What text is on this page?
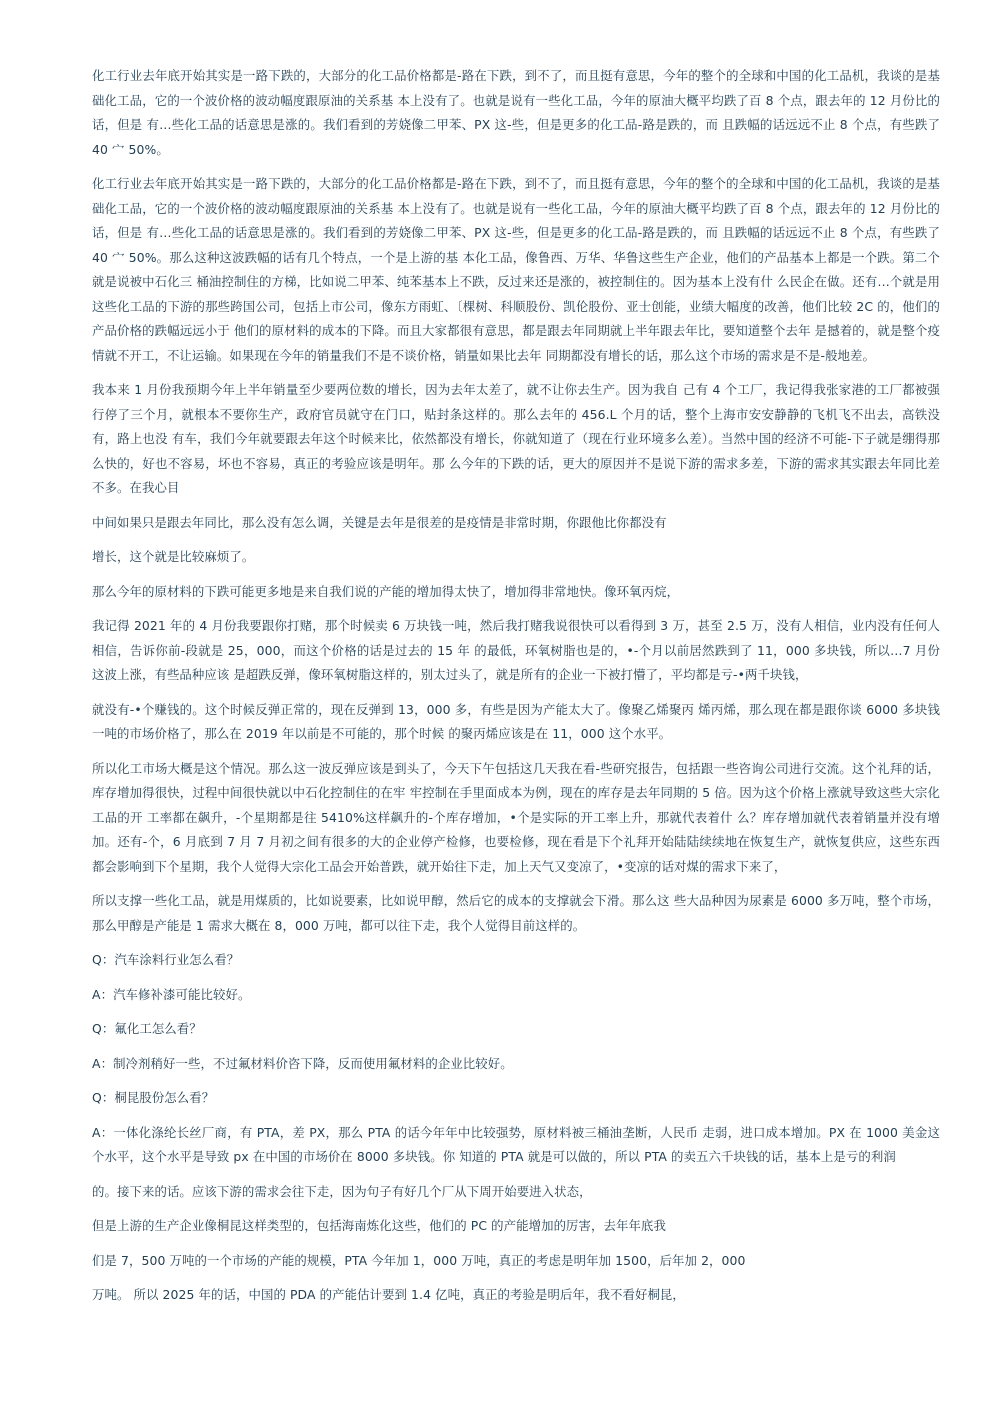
化工行业去年底开始其实是一路下跌的，大部分的化工品价格都是-路在下跌，到不了，而且挺有意思，今年的整个的全球和中国的化工品机，我谈的是基础化工品，它的一个波价格的波动幅度跟原油的关系基 本上没有了。也就是说有一些化工品，今年的原油大概平均跌了百 8 个点，跟去年的 12 月份比的话，但是 有…些化工品的话意思是涨的。我们看到的芳娆像二甲苯、PX 这-些，但是更多的化工品-路是跌的，而 且跌幅的话远远不止 8 个点，有些跌了 40 宀 50%。

化工行业去年底开始其实是一路下跌的，大部分的化工品价格都是-路在下跌，到不了，而且挺有意思，今年的整个的全球和中国的化工品机，我谈的是基础化工品，它的一个波价格的波动幅度跟原油的关系基 本上没有了。也就是说有一些化工品，今年的原油大概平均跌了百 8 个点，跟去年的 12 月份比的话，但是 有…些化工品的话意思是涨的。我们看到的芳娆像二甲苯、PX 这-些，但是更多的化工品-路是跌的，而 且跌幅的话远远不止 8 个点，有些跌了 40 宀 50%。那么这种这波跌幅的话有几个特点，一个是上游的基 本化工品，像鲁西、万华、华鲁这些生产企业，他们的产品基本上都是一个跌。第二个就是说被中石化三 桶油控制住的方梯，比如说二甲苯、纯苯基本上不跌，反过来还是涨的，被控制住的。因为基本上没有什 么民企在做。还有…个就是用这些化工品的下游的那些跨国公司，包括上市公司，像东方雨虹、〔棵树、科顺股份、凯伦股份、亚士创能，业绩大幅度的改善，他们比较 2C 的，他们的产品价格的跌幅远远小于 他们的原材料的成本的下降。而且大家都很有意思，都是跟去年同期就上半年跟去年比，要知道整个去年 是撼着的，就是整个疫情就不开工，不让运输。如果现在今年的销量我们不是不谈价格，销量如果比去年 同期都没有增长的话，那么这个市场的需求是不是-般地差。

我本来 1 月份我预期今年上半年销量至少要两位数的增长，因为去年太差了，就不让你去生产。因为我自 己有 4 个工厂，我记得我张家港的工厂都被强行停了三个月，就根本不要你生产，政府官员就守在门口，贴封条这样的。那么去年的 456.L 个月的话，整个上海市安安静静的飞机飞不出去，高铁没有，路上也没 有车，我们今年就要跟去年这个时候来比，依然都没有增长，你就知道了（现在行业环境多么差）。当然中国的经济不可能-下子就是绷得那么快的，好也不容易，坏也不容易，真正的考验应该是明年。那 么今年的下跌的话，更大的原因并不是说下游的需求多差，下游的需求其实跟去年同比差不多。在我心目

中间如果只是跟去年同比，那么没有怎么调，关键是去年是很差的是疫情是非常时期，你跟他比你都没有

增长，这个就是比较麻烦了。

那么今年的原材料的下跌可能更多地是来自我们说的产能的增加得太快了，增加得非常地快。像环氧丙烷，

我记得 2021 年的 4 月份我要跟你打赌，那个时候卖 6 万块钱一吨，然后我打赌我说很快可以看得到 3 万，甚至 2.5 万，没有人相信，业内没有任何人相信，告诉你前-段就是 25，000，而这个价格的话是过去的 15 年 的最低，环氧树脂也是的，•-个月以前居然跌到了 11，000 多块钱，所以…7 月份这波上涨，有些品种应该 是超跌反弹，像环氧树脂这样的，别太过头了，就是所有的企业一下被打懵了，平均都是亏-•两千块钱，

就没有-•个赚钱的。这个时候反弹正常的，现在反弹到 13，000 多，有些是因为产能太大了。像聚乙烯聚丙 烯丙烯，那么现在都是跟你谈 6000 多块钱一吨的市场价格了，那么在 2019 年以前是不可能的，那个时候 的聚丙烯应该是在 11，000 这个水平。

所以化工市场大概是这个情况。那么这一波反弹应该是到头了，今天下午包括这几天我在看-些研究报告，包括跟一些咨询公司进行交流。这个礼拜的话，库存增加得很快，过程中间很快就以中石化控制住的在牢 牢控制在手里面成本为例，现在的库存是去年同期的 5 倍。因为这个价格上涨就导致这些大宗化工品的开 工率都在飙升，-个星期都是往 5410%这样飙升的-个库存增加，•个是实际的开工率上升，那就代表着什 么？库存增加就代表着销量并没有增加。还有-个，6 月底到 7 月 7 月初之间有很多的大的企业停产检修，也要检修，现在看是下个礼拜开始陆陆续续地在恢复生产，就恢复供应，这些东西都会影响到下个星期，我个人觉得大宗化工品会开始普跌，就开始往下走，加上天气又变凉了，•变凉的话对煤的需求下来了，

所以支撑一些化工品，就是用煤质的，比如说要素，比如说甲醇，然后它的成本的支撑就会下滑。那么这 些大品种因为尿素是 6000 多万吨，整个市场，那么甲醇是产能是 1 需求大概在 8，000 万吨，都可以往下走，我个人觉得目前这样的。

Q：汽车涂料行业怎么看？

A：汽车修补漆可能比较好。

Q：氟化工怎么看？

A：制冷剂稍好一些，不过氟材料价咨下降，反而使用氟材料的企业比较好。

Q：桐昆股份怎么看？

A：一体化涤纶长丝厂商，有 PTA，差 PX，那么 PTA 的话今年年中比较强势，原材料被三桶油垄断，人民币 走弱，进口成本增加。PX 在 1000 美金这个水平，这个水平是导致 px 在中国的市场价在 8000 多块钱。你 知道的 PTA 就是可以做的，所以 PTA 的卖五六千块钱的话，基本上是亏的利润

的。接下来的话。应该下游的需求会往下走，因为句子有好几个厂从下周开始要进入状态，

但是上游的生产企业像桐昆这样类型的，包括海南炼化这些，他们的 PC 的产能增加的厉害，去年年底我

们是 7，500 万吨的一个市场的产能的规模，PTA 今年加 1，000 万吨，真正的考虑是明年加 1500，后年加 2，000

万吨。 所以 2025 年的话，中国的 PDA 的产能估计要到 1.4 亿吨，真正的考验是明后年，我不看好桐昆，
